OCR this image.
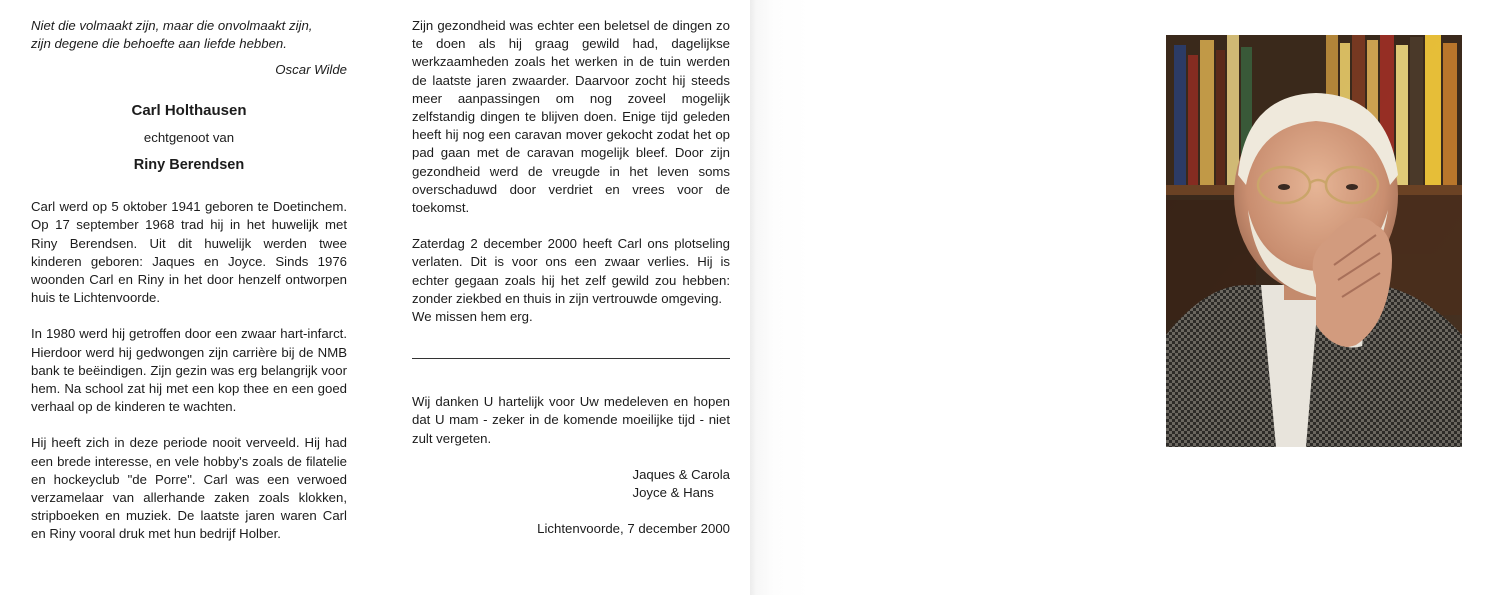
Niet die volmaakt zijn, maar die onvolmaakt zijn,

zijn degene die behoefte aan liefde hebben.

Oscar Wilde

Carl Holthausen

echtgenoot van

Riny Berendsen

Carl werd op 5 oktober 1941 geboren te Doetinchem. Op 17 september 1968 trad hij in het huwelijk met Riny Berendsen. Uit dit huwelijk werden twee kinderen geboren: Jaques en Joyce. Sinds 1976 woonden Carl en Riny in het door henzelf ontworpen huis te Lichtenvoorde.

In 1980 werd hij getroffen door een zwaar hart-infarct. Hierdoor werd hij gedwongen zijn carrière bij de NMB bank te beëindigen. Zijn gezin was erg belangrijk voor hem. Na school zat hij met een kop thee en een goed verhaal op de kinderen te wachten.

Hij heeft zich in deze periode nooit verveeld. Hij had een brede interesse, en vele hobby's zoals de filatelie en hockeyclub "de Porre". Carl was een verwoed verzamelaar van allerhande zaken zoals klokken, stripboeken en muziek. De laatste jaren waren Carl en Riny vooral druk met hun bedrijf Holber.

Zijn gezondheid was echter een beletsel de dingen zo te doen als hij graag gewild had, dagelijkse werkzaamheden zoals het werken in de tuin werden de laatste jaren zwaarder. Daarvoor zocht hij steeds meer aanpassingen om nog zoveel mogelijk zelfstandig dingen te blijven doen. Enige tijd geleden heeft hij nog een caravan mover gekocht zodat het op pad gaan met de caravan mogelijk bleef. Door zijn gezondheid werd de vreugde in het leven soms overschaduwd door verdriet en vrees voor de toekomst.

Zaterdag 2 december 2000 heeft Carl ons plotseling verlaten. Dit is voor ons een zwaar verlies. Hij is echter gegaan zoals hij het zelf gewild zou hebben: zonder ziekbed en thuis in zijn vertrouwde omgeving.

We missen hem erg.

Wij danken U hartelijk voor Uw medeleven en hopen dat U mam - zeker in de komende moeilijke tijd - niet zult vergeten.

Jaques & Carola

Joyce & Hans

Lichtenvoorde, 7 december 2000
